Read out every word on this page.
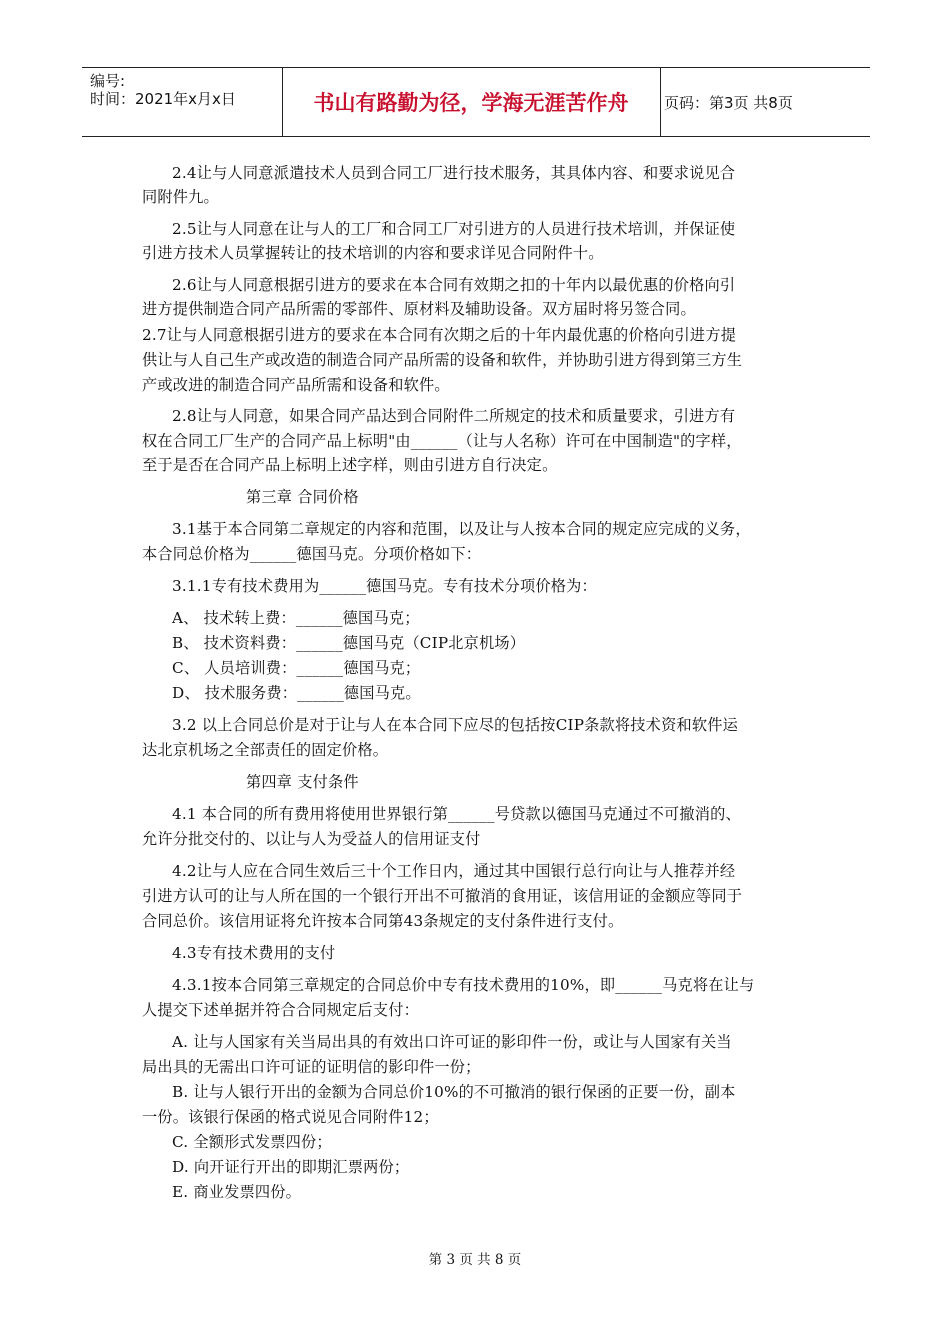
编号:
时间：2021年x月x日	书山有路勤为径，学海无涯苦作舟	页码：第3页 共8页
2.4让与人同意派遣技术人员到合同工厂进行技术服务，其具体内容、和要求说见合
同附件九。
2.5让与人同意在让与人的工厂和合同工厂对引进方的人员进行技术培训，并保证使
引进方技术人员掌握转让的技术培训的内容和要求详见合同附件十。
2.6让与人同意根据引进方的要求在本合同有效期之扣的十年内以最优惠的价格向引
进方提供制造合同产品所需的零部件、原材料及辅助设备。双方届时将另签合同。
2.7让与人同意根据引进方的要求在本合同有次期之后的十年内最优惠的价格向引进方提
供让与人自己生产或改造的制造合同产品所需的设备和软件，并协助引进方得到第三方生
产或改进的制造合同产品所需和设备和软件。
2.8让与人同意，如果合同产品达到合同附件二所规定的技术和质量要求，引进方有
权在合同工厂生产的合同产品上标明"由______（让与人名称）许可在中国制造"的字样，
至于是否在合同产品上标明上述字样，则由引进方自行决定。
第三章 合同价格
3.1基于本合同第二章规定的内容和范围，以及让与人按本合同的规定应完成的义务，
本合同总价格为______德国马克。分项价格如下：
3.1.1专有技术费用为______德国马克。专有技术分项价格为：
A、 技术转上费：______德国马克；
B、 技术资料费：______德国马克（CIP北京机场）
C、 人员培训费：______德国马克；
D、 技术服务费：______德国马克。
3.2 以上合同总价是对于让与人在本合同下应尽的包括按CIP条款将技术资和软件运
达北京机场之全部责任的固定价格。
第四章 支付条件
4.1 本合同的所有费用将使用世界银行第______号贷款以德国马克通过不可撤消的、
允许分批交付的、以让与人为受益人的信用证支付
4.2让与人应在合同生效后三十个工作日内，通过其中国银行总行向让与人推荐并经
引进方认可的让与人所在国的一个银行开出不可撤消的食用证，该信用证的金额应等同于
合同总价。该信用证将允许按本合同第43条规定的支付条件进行支付。
4.3专有技术费用的支付
4.3.1按本合同第三章规定的合同总价中专有技术费用的10%，即______马克将在让与
人提交下述单据并符合合同规定后支付：
A. 让与人国家有关当局出具的有效出口许可证的影印件一份，或让与人国家有关当
局出具的无需出口许可证的证明信的影印件一份；
B. 让与人银行开出的金额为合同总价10%的不可撤消的银行保函的正要一份，副本
一份。该银行保函的格式说见合同附件12；
C. 全额形式发票四份；
D. 向开证行开出的即期汇票两份；
E. 商业发票四份。
第 3 页 共 8 页
